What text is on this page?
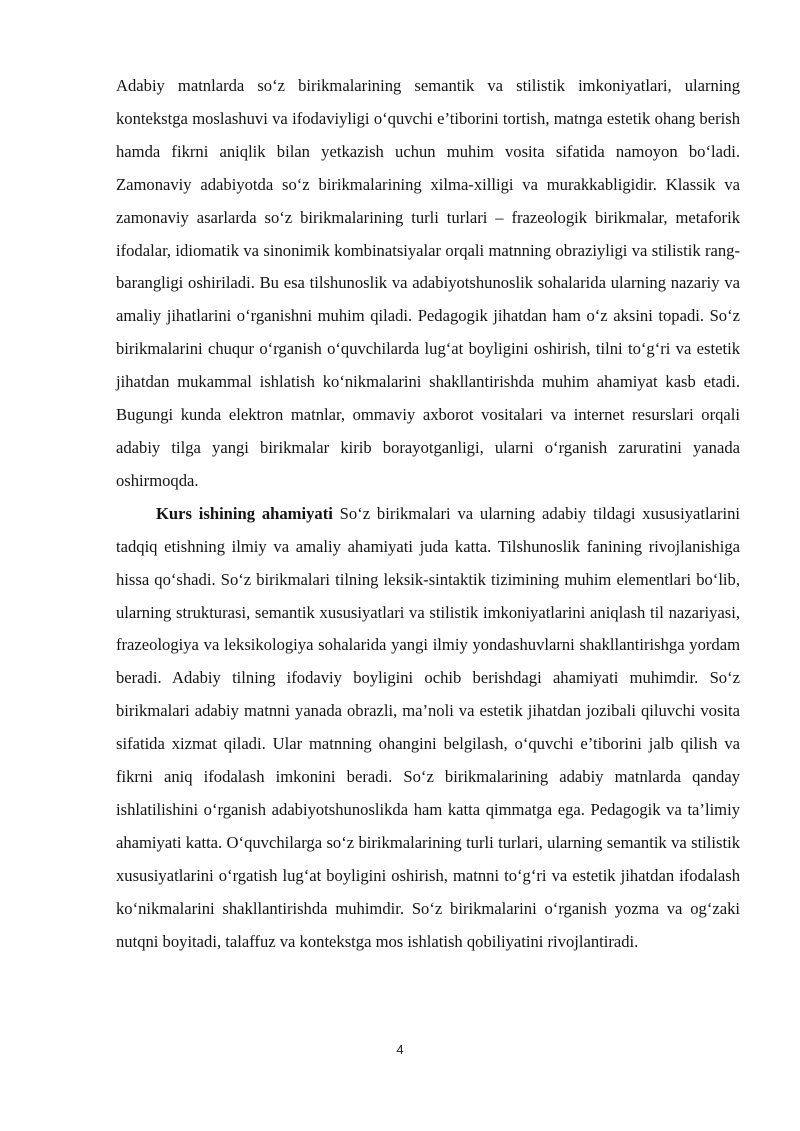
Adabiy matnlarda so‘z birikmalarining semantik va stilistik imkoniyatlari, ularning kontekstga moslashuvi va ifodaviyligi o‘quvchi e’tiborini tortish, matnga estetik ohang berish hamda fikrni aniqlik bilan yetkazish uchun muhim vosita sifatida namoyon bo‘ladi. Zamonaviy adabiyotda so‘z birikmalarining xilma-xilligi va murakkabligidir. Klassik va zamonaviy asarlarda so‘z birikmalarining turli turlari – frazeologik birikmalar, metaforik ifodalar, idiomatik va sinonimik kombinatsiyalar orqali matnning obraziyligi va stilistik rang-barangligi oshiriladi. Bu esa tilshunoslik va adabiyotshunoslik sohalarida ularning nazariy va amaliy jihatlarini o‘rganishni muhim qiladi. Pedagogik jihatdan ham o‘z aksini topadi. So‘z birikmalarini chuqur o‘rganish o‘quvchilarda lug‘at boyligini oshirish, tilni to‘g‘ri va estetik jihatdan mukammal ishlatish ko‘nikmalarini shakllantirishda muhim ahamiyat kasb etadi. Bugungi kunda elektron matnlar, ommaviy axborot vositalari va internet resurslari orqali adabiy tilga yangi birikmalar kirib borayotganligi, ularni o‘rganish zaruratini yanada oshirmoqda.

Kurs ishining ahamiyati So‘z birikmalari va ularning adabiy tildagi xususiyatlarini tadqiq etishning ilmiy va amaliy ahamiyati juda katta. Tilshunoslik fanining rivojlanishiga hissa qo‘shadi. So‘z birikmalari tilning leksik-sintaktik tizimining muhim elementlari bo‘lib, ularning strukturasi, semantik xususiyatlari va stilistik imkoniyatlarini aniqlash til nazariyasi, frazeologiya va leksikologiya sohalarida yangi ilmiy yondashuvlarni shakllantirishga yordam beradi. Adabiy tilning ifodaviy boyligini ochib berishdagi ahamiyati muhimdir. So‘z birikmalari adabiy matnni yanada obrazli, ma’noli va estetik jihatdan jozibali qiluvchi vosita sifatida xizmat qiladi. Ular matnning ohangini belgilash, o‘quvchi e’tiborini jalb qilish va fikrni aniq ifodalash imkonini beradi. So‘z birikmalarining adabiy matnlarda qanday ishlatilishini o‘rganish adabiyotshunoslikda ham katta qimmatga ega. Pedagogik va ta’limiy ahamiyati katta. O‘quvchilarga so‘z birikmalarining turli turlari, ularning semantik va stilistik xususiyatlarini o‘rgatish lug‘at boyligini oshirish, matnni to‘g‘ri va estetik jihatdan ifodalash ko‘nikmalarini shakllantirishda muhimdir. So‘z birikmalarini o‘rganish yozma va og‘zaki nutqni boyitadi, talaffuz va kontekstga mos ishlatish qobiliyatini rivojlantiradi.

4
